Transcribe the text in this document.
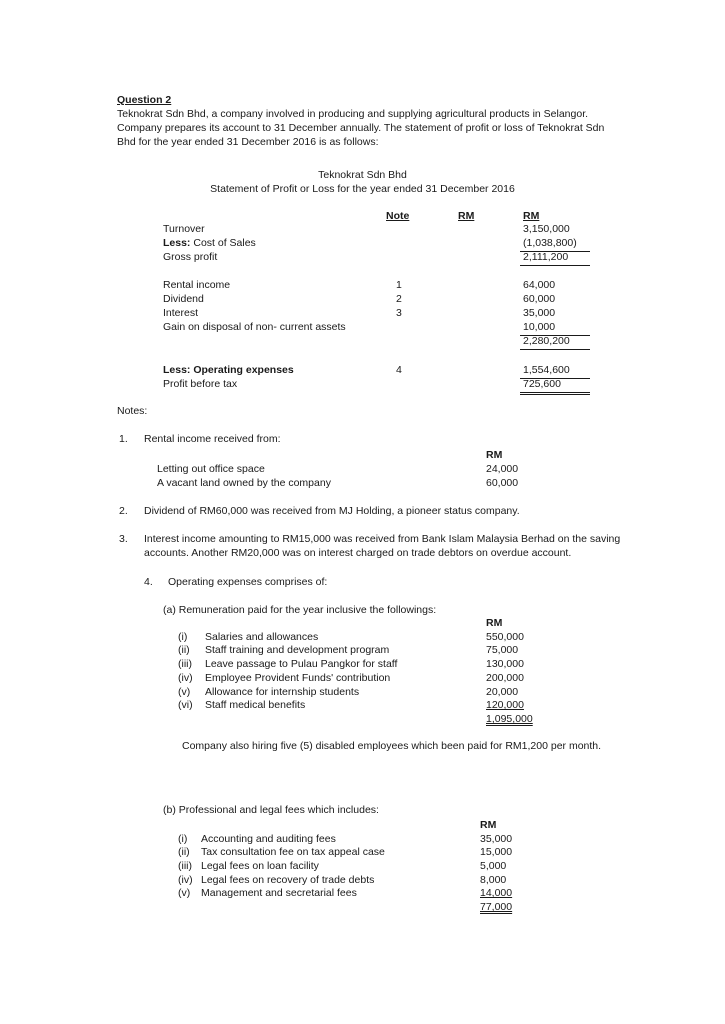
Question 2
Teknokrat Sdn Bhd, a company involved in producing and supplying agricultural products in Selangor.
Company prepares its account to 31 December annually. The statement of profit or loss of Teknokrat Sdn
Bhd for the year ended 31 December 2016 is as follows:
Teknokrat Sdn Bhd
Statement of Profit or Loss for the year ended 31 December 2016
Note	RM	RM
Turnover	3,150,000
Less: Cost of Sales	(1,038,800)
Gross profit	2,111,200
Rental income	1	64,000
Dividend	2	60,000
Interest	3	35,000
Gain on disposal of non- current assets	10,000
2,280,200
Less: Operating expenses	4	1,554,600
Profit before tax	725,600
Notes:
1. Rental income received from:
RM
Letting out office space	24,000
A vacant land owned by the company	60,000
2. Dividend of RM60,000 was received from MJ Holding, a pioneer status company.
3. Interest income amounting to RM15,000 was received from Bank Islam Malaysia Berhad on the saving
accounts. Another RM20,000 was on interest charged on trade debtors on overdue account.
4. Operating expenses comprises of:
(a) Remuneration paid for the year inclusive the followings:
RM
(i) Salaries and allowances	550,000
(ii) Staff training and development program	75,000
(iii) Leave passage to Pulau Pangkor for staff	130,000
(iv) Employee Provident Funds' contribution	200,000
(v) Allowance for internship students	20,000
(vi) Staff medical benefits	120,000
1,095,000
Company also hiring five (5) disabled employees which been paid for RM1,200 per month.
(b) Professional and legal fees which includes:
RM
(i) Accounting and auditing fees	35,000
(ii) Tax consultation fee on tax appeal case	15,000
(iii) Legal fees on loan facility	5,000
(iv) Legal fees on recovery of trade debts	8,000
(v) Management and secretarial fees	14,000
77,000
